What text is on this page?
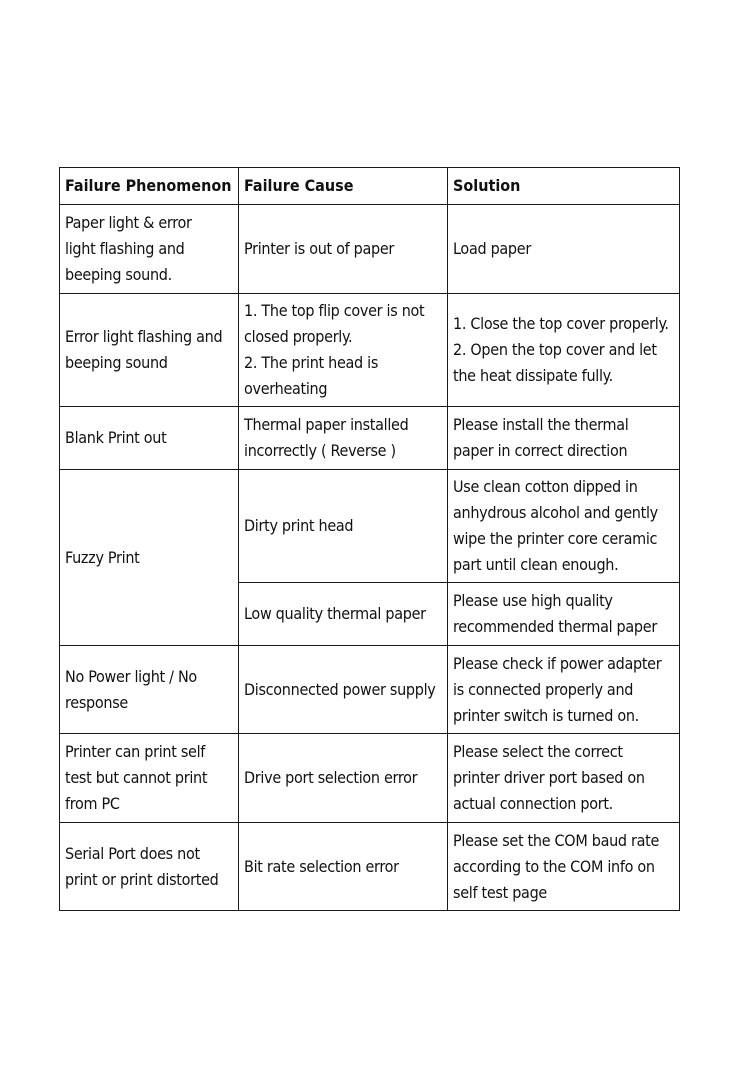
Failure Phenomenon	Failure Cause	Solution

Paper light & error
light flashing and
beeping sound.	Printer is out of paper	Load paper

Error light flashing and
beeping sound	1. The top flip cover is not
closed properly.
2. The print head is
overheating	1. Close the top cover properly.
2. Open the top cover and let
the heat dissipate fully.

Blank Print out	Thermal paper installed
incorrectly ( Reverse )	Please install the thermal
paper in correct direction

Fuzzy Print	Dirty print head	Use clean cotton dipped in
anhydrous alcohol and gently
wipe the printer core ceramic
part until clean enough.

	Low quality thermal paper	Please use high quality
recommended thermal paper

No Power light / No
response	Disconnected power supply	Please check if power adapter
is connected properly and
printer switch is turned on.

Printer can print self
test but cannot print
from PC	Drive port selection error	Please select the correct
printer driver port based on
actual connection port.

Serial Port does not
print or print distorted	Bit rate selection error	Please set the COM baud rate
according to the COM info on
self test page
